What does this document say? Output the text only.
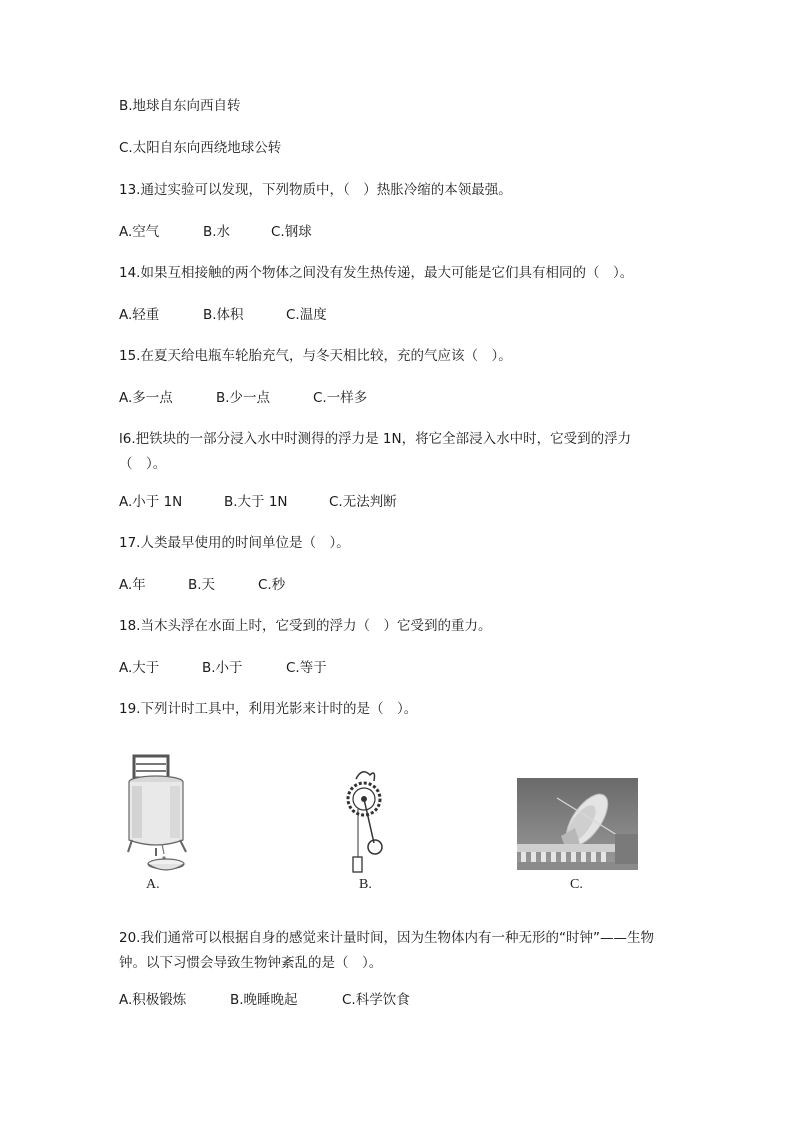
B.地球自东向西自转
C.太阳自东向西绕地球公转
13.通过实验可以发现，下列物质中，（　）热胀冷缩的本领最强。
A.空气	B.水	C.钢球
14.如果互相接触的两个物体之间没有发生热传递，最大可能是它们具有相同的（　）。
A.轻重	B.体积	C.温度
15.在夏天给电瓶车轮胎充气，与冬天相比较，充的气应该（　）。
A.多一点	B.少一点	C.一样多
l6.把铁块的一部分浸入水中时测得的浮力是 1N，将它全部浸入水中时，它受到的浮力（　）。
A.小于 1N	B.大于 1N	C.无法判断
17.人类最早使用的时间单位是（　）。
A.年	B.天	C.秒
18.当木头浮在水面上时，它受到的浮力（　）它受到的重力。
A.大于	B.小于	C.等于
19.下列计时工具中，利用光影来计时的是（　）。
A.	B.	C.
20.我们通常可以根据自身的感觉来计量时间，因为生物体内有一种无形的“时钟”——生物钟。以下习惯会导致生物钟紊乱的是（　）。
A.积极锻炼	B.晚睡晚起	C.科学饮食
